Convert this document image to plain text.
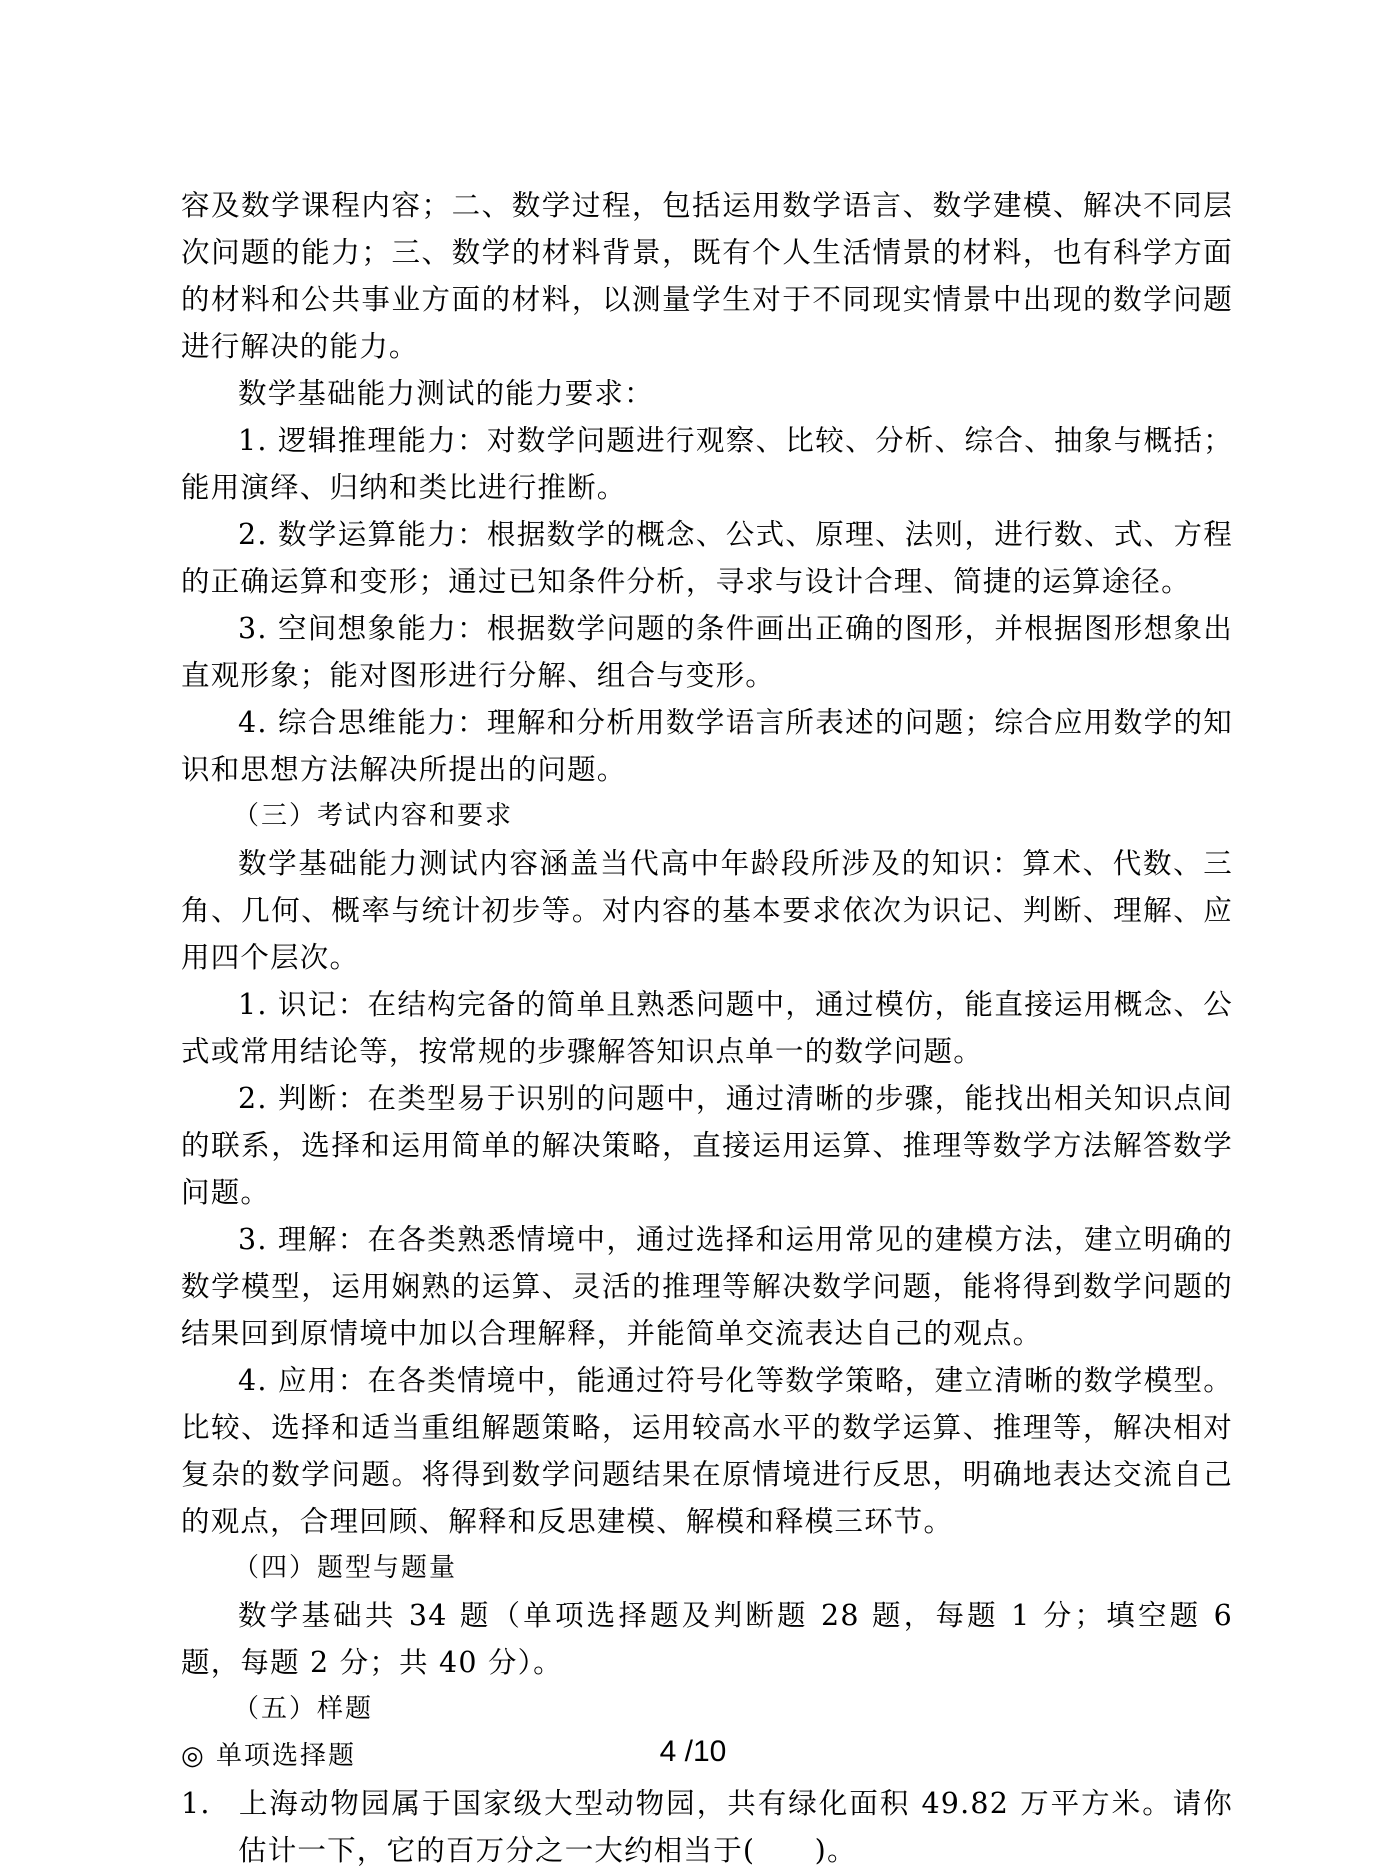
容及数学课程内容；二、数学过程，包括运用数学语言、数学建模、解决不同层次问题的能力；三、数学的材料背景，既有个人生活情景的材料，也有科学方面的材料和公共事业方面的材料，以测量学生对于不同现实情景中出现的数学问题进行解决的能力。

数学基础能力测试的能力要求：

1. 逻辑推理能力：对数学问题进行观察、比较、分析、综合、抽象与概括；能用演绎、归纳和类比进行推断。

2. 数学运算能力：根据数学的概念、公式、原理、法则，进行数、式、方程的正确运算和变形；通过已知条件分析，寻求与设计合理、简捷的运算途径。

3. 空间想象能力：根据数学问题的条件画出正确的图形，并根据图形想象出直观形象；能对图形进行分解、组合与变形。

4. 综合思维能力：理解和分析用数学语言所表述的问题；综合应用数学的知识和思想方法解决所提出的问题。

（三）考试内容和要求

数学基础能力测试内容涵盖当代高中年龄段所涉及的知识：算术、代数、三角、几何、概率与统计初步等。对内容的基本要求依次为识记、判断、理解、应用四个层次。

1. 识记：在结构完备的简单且熟悉问题中，通过模仿，能直接运用概念、公式或常用结论等，按常规的步骤解答知识点单一的数学问题。

2. 判断：在类型易于识别的问题中，通过清晰的步骤，能找出相关知识点间的联系，选择和运用简单的解决策略，直接运用运算、推理等数学方法解答数学问题。

3. 理解：在各类熟悉情境中，通过选择和运用常见的建模方法，建立明确的数学模型，运用娴熟的运算、灵活的推理等解决数学问题，能将得到数学问题的结果回到原情境中加以合理解释，并能简单交流表达自己的观点。

4. 应用：在各类情境中，能通过符号化等数学策略，建立清晰的数学模型。比较、选择和适当重组解题策略，运用较高水平的数学运算、推理等，解决相对复杂的数学问题。将得到数学问题结果在原情境进行反思，明确地表达交流自己的观点，合理回顾、解释和反思建模、解模和释模三环节。

（四）题型与题量

数学基础共 34 题（单项选择题及判断题 28 题，每题 1 分；填空题 6 题，每题 2 分；共 40 分）。

（五）样题

◎ 单项选择题

1. 上海动物园属于国家级大型动物园，共有绿化面积 49.82 万平方米。请你估计一下，它的百万分之一大约相当于(　　)。

4 /10
